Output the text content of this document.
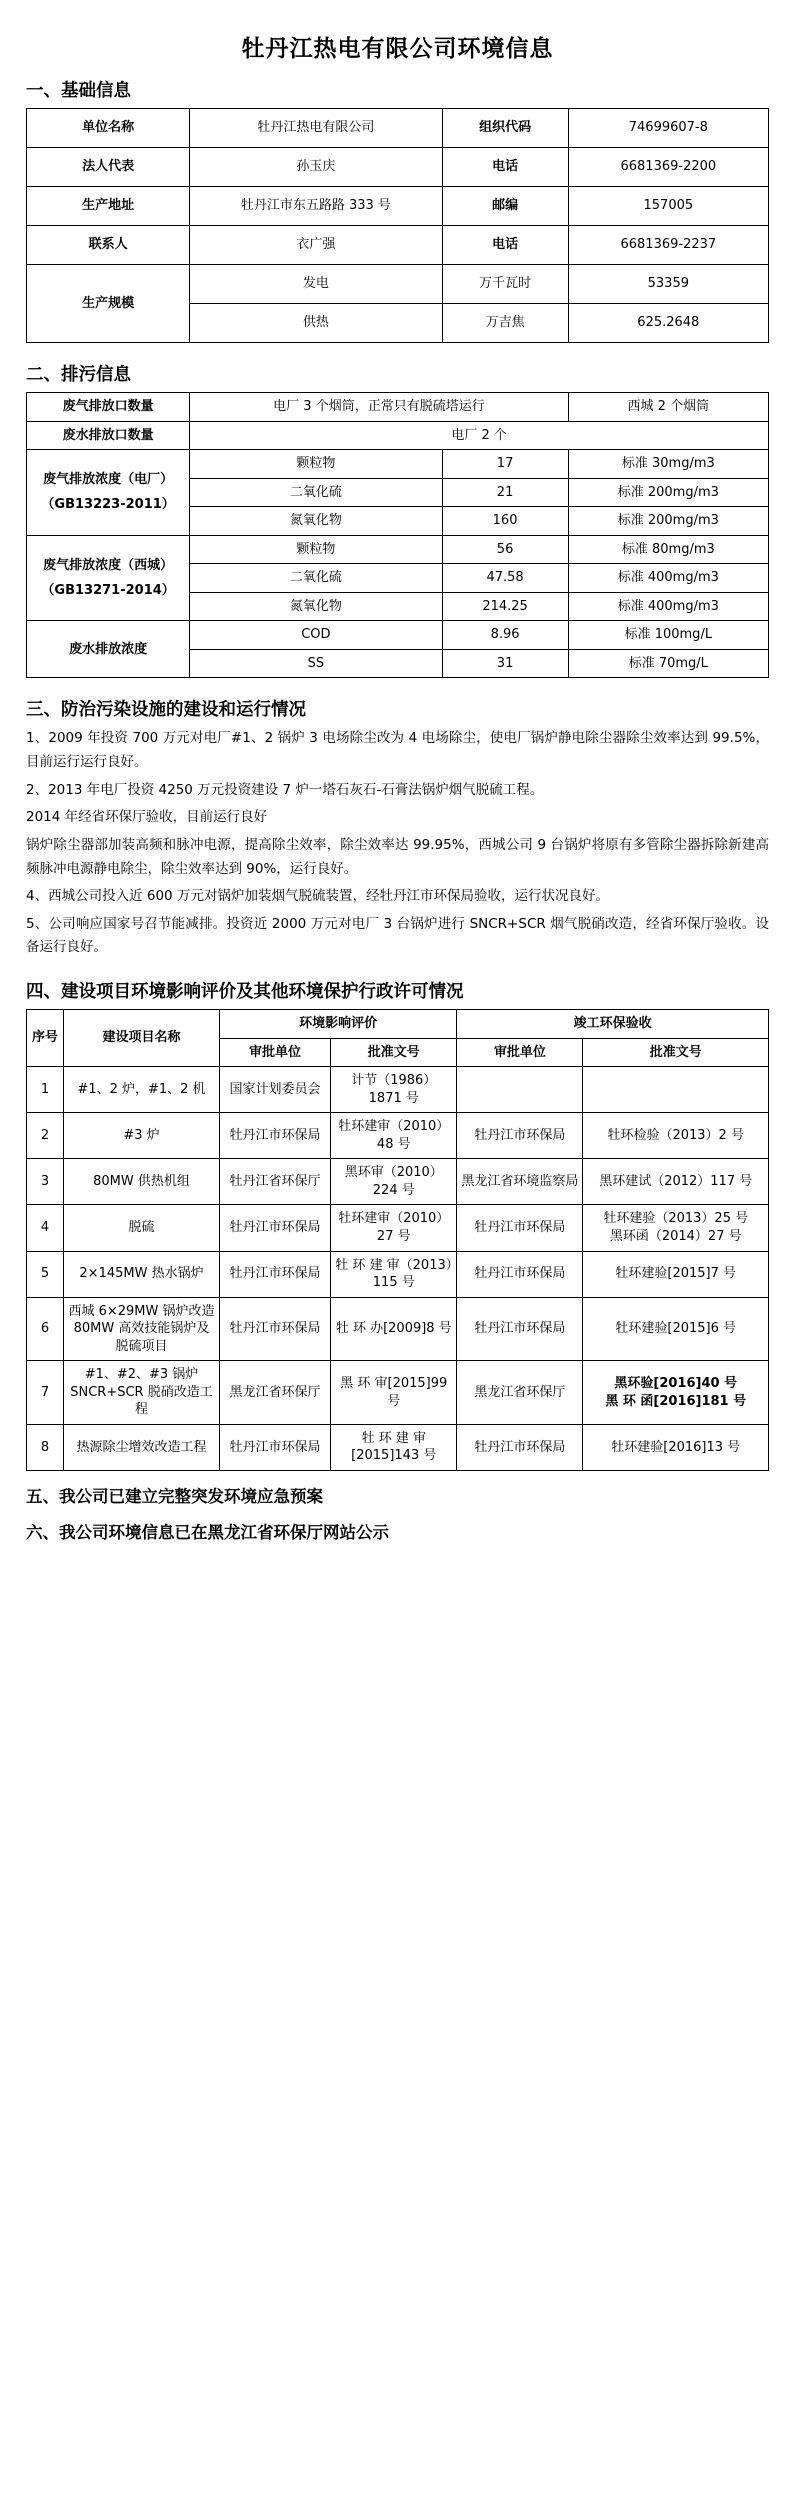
牡丹江热电有限公司环境信息
一、基础信息
单位名称	牡丹江热电有限公司	组织代码	74699607-8
法人代表	孙玉庆	电话	6681369-2200
生产地址	牡丹江市东五路路 333 号	邮编	157005
联系人	衣广强	电话	6681369-2237
生产规模	发电	万千瓦时	53359
	供热	万吉焦	625.2648
二、排污信息
废气排放口数量	电厂 3 个烟筒，正常只有脱硫塔运行		西城 2 个烟筒
废水排放口数量	电厂 2 个		

废气排放浓度（电厂）
（GB13223-2011）	颗粒物	17	标准 30mg/m3
	二氧化硫	21	标准 200mg/m3
	氮氧化物	160	标准 200mg/m3

废气排放浓度（西城）
（GB13271-2014）	颗粒物	56	标准 80mg/m3
	二氧化硫	47.58	标准 400mg/m3
	氮氧化物	214.25	标准 400mg/m3
废水排放浓度	COD	8.96	标准 100mg/L
	SS	31	标准 70mg/L
三、防治污染设施的建设和运行情况

1、2009 年投资 700 万元对电厂#1、2 锅炉 3 电场除尘改为 4 电场除尘，使电厂锅炉静电除尘器除尘效率达到 99.5%，目前运行运行良好。

2、2013 年电厂投资 4250 万元投资建设 7 炉一塔石灰石-石膏法锅炉烟气脱硫工程。

2014 年经省环保厅验收，目前运行良好

锅炉除尘器部加装高频和脉冲电源，提高除尘效率，除尘效率达 99.95%，西城公司 9 台锅炉将原有多管除尘器拆除新建高频脉冲电源静电除尘，除尘效率达到 90%，运行良好。

4、西城公司投入近 600 万元对锅炉加装烟气脱硫装置，经牡丹江市环保局验收，运行状况良好。

5、公司响应国家号召节能减排。投资近 2000 万元对电厂 3 台锅炉进行 SNCR+SCR 烟气脱硝改造，经省环保厅验收。设备运行良好。

四、建设项目环境影响评价及其他环境保护行政许可情况
序号	建设项目名称	环境影响评价		竣工环保验收	
		审批单位	批准文号	审批单位	批准文号
1	#1、2 炉，#1、2 机	国家计划委员会	计节（1986）1871 号		
2	#3 炉	牡丹江市环保局	牡环建审（2010）48 号	牡丹江市环保局	牡环检验（2013）2 号
3	80MW 供热机组	牡丹江省环保厅	黑环审（2010）224 号	黑龙江省环境监察局	黑环建试（2012）117 号
4	脱硫	牡丹江市环保局	牡环建审（2010）27 号	牡丹江市环保局	牡环建验（2013）25 号
黑环函（2014）27 号
5	2×145MW 热水锅炉	牡丹江市环保局	牡 环 建 审（2013）115 号	牡丹江市环保局	牡环建验[2015]7 号
6	西城 6×29MW 锅炉改造 80MW 高效技能锅炉及脱硫项目	牡丹江市环保局	牡 环 办[2009]8 号	牡丹江市环保局	牡环建验[2015]6 号
7	#1、#2、#3 锅炉 SNCR+SCR 脱硝改造工程	黑龙江省环保厅	黑 环 审[2015]99 号	黑龙江省环保厅	黑环验[2016]40 号
黑 环 函[2016]181 号
8	热源除尘增效改造工程	牡丹江市环保局	牡 环 建 审[2015]143 号	牡丹江市环保局	牡环建验[2016]13 号
五、我公司已建立完整突发环境应急预案
六、我公司环境信息已在黑龙江省环保厅网站公示
